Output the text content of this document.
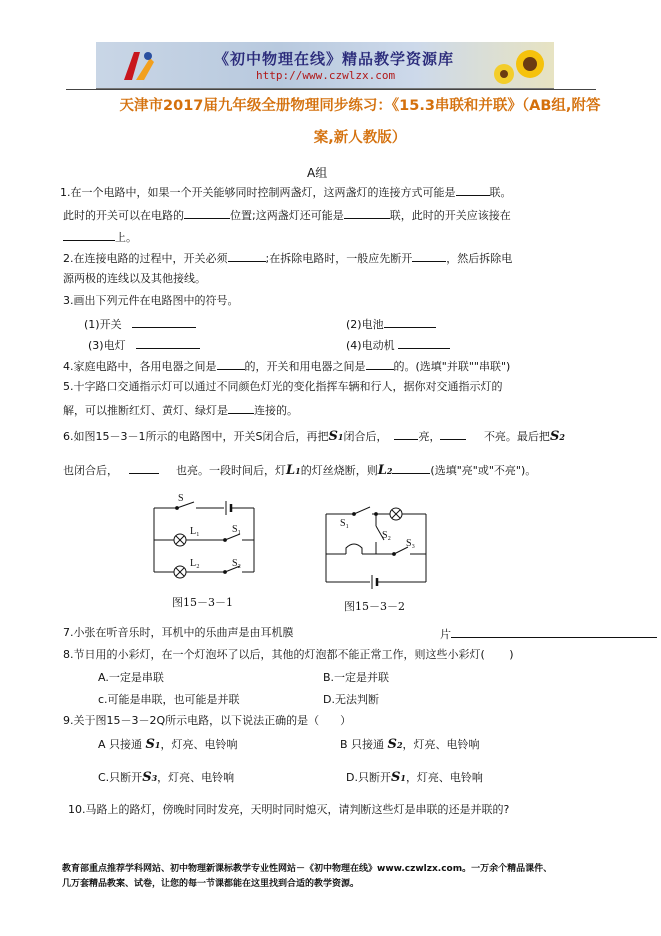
《初中物理在线》精品教学资源库
http://www.czwlzx.com
天津市2017届九年级全册物理同步练习：《15.3串联和并联》（AB组,附答
案,新人教版）
A组
1.在一个电路中，如果一个开关能够同时控制两盏灯，这两盏灯的连接方式可能是	联。
此时的开关可以在电路的	位置;这两盏灯还可能是	联，此时的开关应该接在
上。
2.在连接电路的过程中，开关必须	;在拆除电路时，一般应先断开	，然后拆除电
源两极的连线以及其他接线。
3.画出下列元件在电路图中的符号。
(1)开关	(2)电池
(3)电灯	(4)电动机
4.家庭电路中，各用电器之间是	的，开关和用电器之间是	的。(选填"并联""串联")
5.十字路口交通指示灯可以通过不同颜色灯光的变化指挥车辆和行人，据你对交通指示灯的
解，可以推断红灯、黄灯、绿灯是 连接的。
6.如图15－3－1所示的电路图中，开关S闭合后，再把S1闭合后，	亮，	不亮。最后把S2
也闭合后，	也亮。一段时间后，灯L1的灯丝烧断，则L2	(选填"亮"或"不亮")。
S
L₁	S₁
L₂	S₂
图15－3－1
S₁
S₂
S₃
图15－3－2
7.小张在听音乐时，耳机中的乐曲声是由耳机膜	片
8.节日用的小彩灯，在一个灯泡坏了以后，其他的灯泡都不能正常工作，则这些小彩灯( )
A.一定是串联	B.一定是并联
c.可能是串联，也可能是并联	D.无法判断
9.关于图15－3－2Q所示电路，以下说法正确的是（ ）
A 只接通 S1，灯亮、电铃响	B 只接通 S2，灯亮、电铃响
C.只断开S3，灯亮、电铃响	D.只断开S1，灯亮、电铃响
10.马路上的路灯，傍晚时同时发亮，天明时同时熄灭，请判断这些灯是串联的还是并联的?
教育部重点推荐学科网站、初中物理新课标教学专业性网站－《初中物理在线》www.czwlzx.com。一万余个精品课件、
几万套精品教案、试卷，让您的每一节课都能在这里找到合适的教学资源。
